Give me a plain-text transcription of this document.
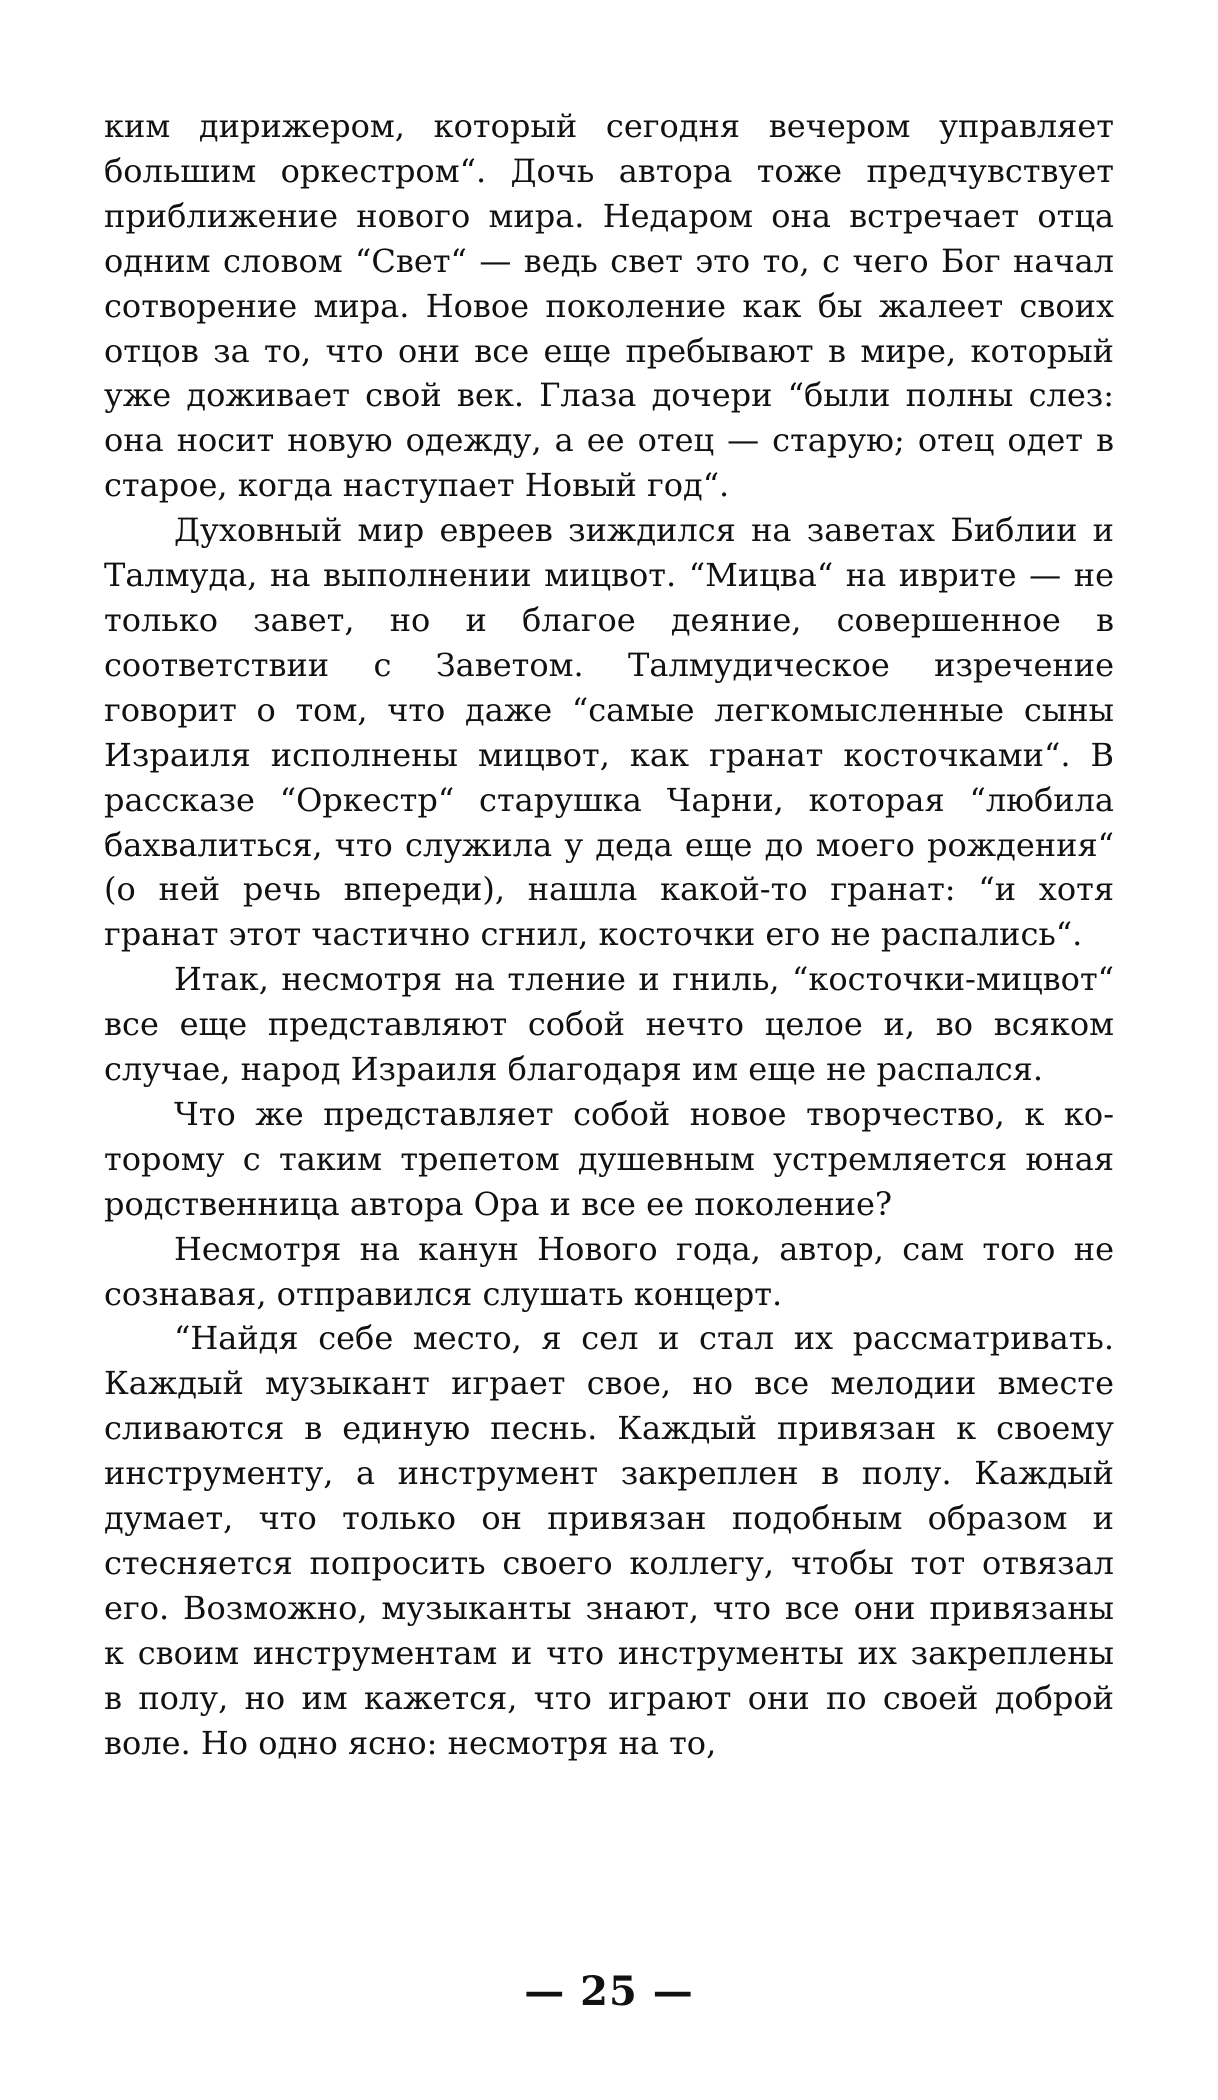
ким дирижером, который сегодня вечером управляет большим оркестром“. Дочь автора тоже предчувствует приближение нового мира. Недаром она встречает отца одним словом “Свет“ — ведь свет это то, с чего Бог начал сотворение мира. Новое поколение как бы жалеет своих отцов за то, что они все еще пребывают в мире, который уже доживает свой век. Глаза дочери “были полны слез: она носит новую одежду, а ее отец — старую; отец одет в старое, когда наступает Новый год“.

Духовный мир евреев зиждился на заветах Библии и Талмуда, на выполнении мицвот. “Мицва“ на иврите — не только завет, но и благое деяние, совершенное в соответствии с Заветом. Талмудическое изречение говорит о том, что даже “самые легкомысленные сыны Израиля исполнены мицвот, как гранат косточками“. В рассказе “Оркестр“ старушка Чарни, которая “любила бахвалиться, что служила у деда еще до моего рождения“ (о ней речь впереди), нашла какой-то гранат: “и хотя гранат этот частично сгнил, косточки его не распались“.

Итак, несмотря на тление и гниль, “косточки-мицвот“ все еще представляют собой нечто целое и, во всяком случае, народ Израиля благодаря им еще не распался.

Что же представляет собой новое творчество, к которому с таким трепетом душевным устремляется юная родственница автора Ора и все ее поколение?

Несмотря на канун Нового года, автор, сам того не сознавая, отправился слушать концерт.

“Найдя себе место, я сел и стал их рассматривать. Каждый музыкант играет свое, но все мелодии вместе сливаются в единую песнь. Каждый привязан к своему инструменту, а инструмент закреплен в полу. Каждый думает, что только он привязан подобным образом и стесняется попросить своего коллегу, чтобы тот отвязал его. Возможно, музыканты знают, что все они привязаны к своим инструментам и что инструменты их закреплены в полу, но им кажется, что играют они по своей доброй воле. Но одно ясно: несмотря на то,

— 25 —
